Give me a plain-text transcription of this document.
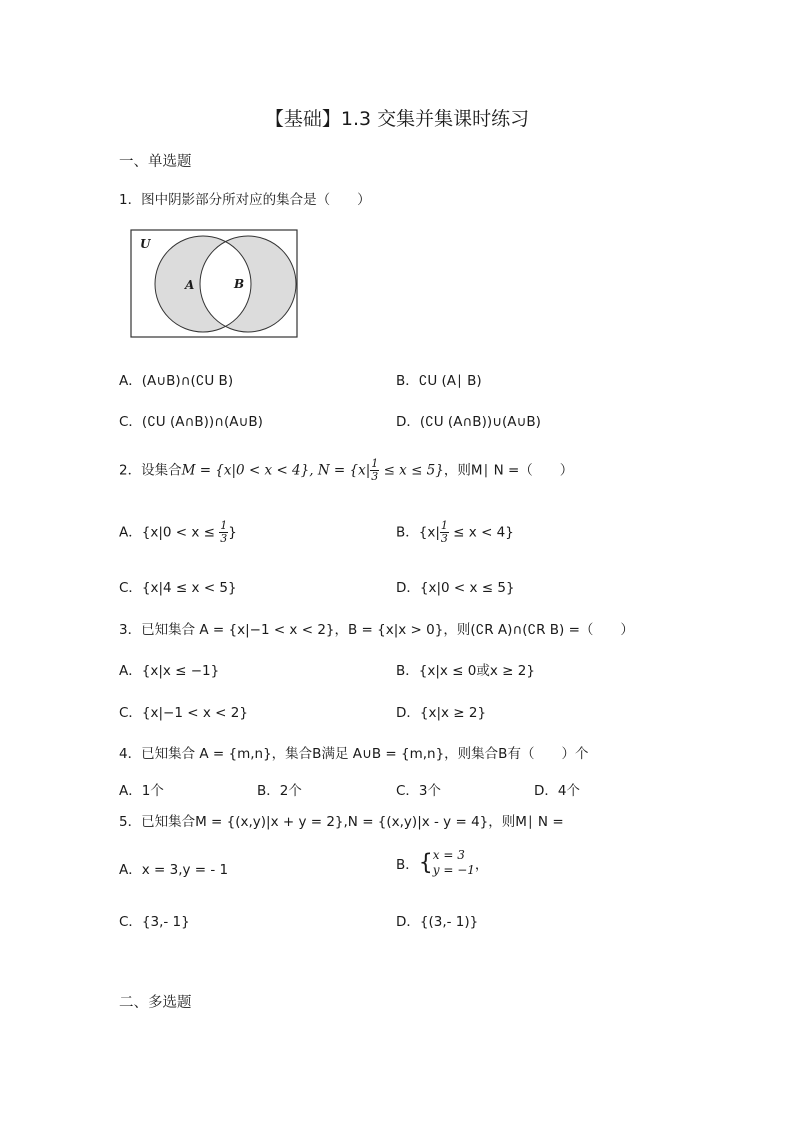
【基础】1.3 交集并集课时练习
一、单选题
1．图中阴影部分所对应的集合是（　　）
U
A	B
A．(A∪B)∩(∁U B)	B．∁U (A∣ B)
C．(∁U (A∩B))∩(A∪B)	D．(∁U (A∩B))∪(A∪B)
2．设集合M = {x|0 < x < 4}, $N = \{x| \frac{1}{3} \le x \le 5\}$，则M∣ N =（　　）
A．{$x|0 < x \le \frac{1}{3}$ }	B．$\{x| \frac{1}{3} \le x < 4\}$
C．{x|4 ≤ x < 5}	D．{x|0 < x ≤ 5}
3．已知集合 A = {x|−1 < x < 2}，B = {x|x > 0}，则(∁R A)∩(∁R B) =（　　）
A．{x|x ≤ −1}	B．{x|x ≤ 0或x ≥ 2}
C．{x|−1 < x < 2}	D．{x|x ≥ 2}
4．已知集合 A = {m,n}，集合B满足 A∪B = {m,n}，则集合B有（　　）个
A．1个	B．2个	C．3个	D．4个
5．已知集合M = {(x,y)|x + y = 2},N = {(x,y)|x - y = 4}，则M∣ N =
A．x = 3,y = - 1	B．{ x = 3
y = −1 ，
C．{3,- 1}	D．{(3,- 1)}
二、多选题
